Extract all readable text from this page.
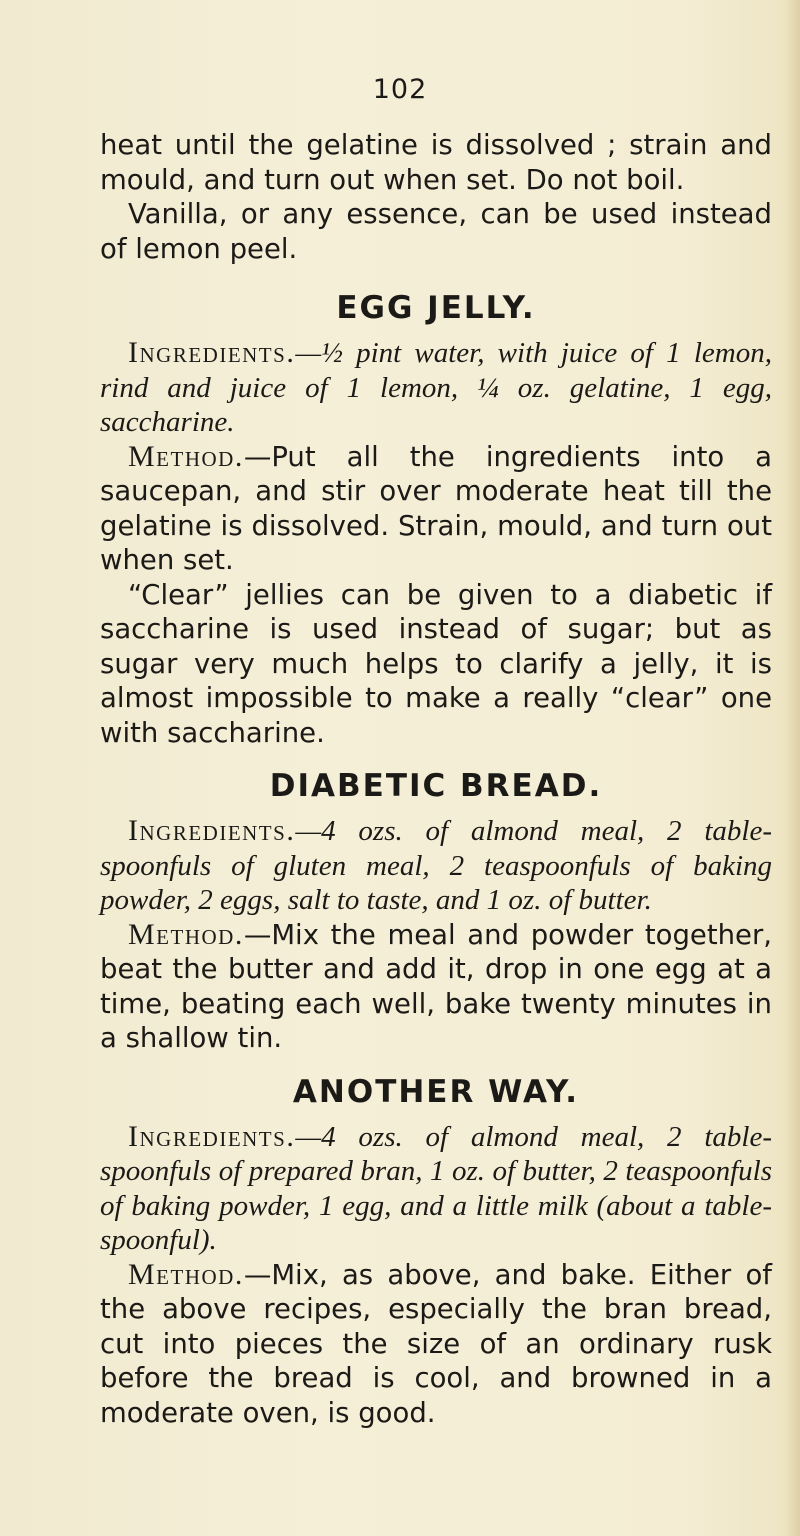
102

heat until the gelatine is dissolved ; strain and mould, and turn out when set. Do not boil.

Vanilla, or any essence, can be used instead of lemon peel.

EGG JELLY.

Ingredients.—½ pint water, with juice of 1 lemon, rind and juice of 1 lemon, ¼ oz. gelatine, 1 egg, saccharine.

Method.—Put all the ingredients into a saucepan, and stir over moderate heat till the gelatine is dissolved. Strain, mould, and turn out when set.

“Clear” jellies can be given to a diabetic if saccharine is used instead of sugar; but as sugar very much helps to clarify a jelly, it is almost impossible to make a really “clear” one with saccharine.

DIABETIC BREAD.

Ingredients.—4 ozs. of almond meal, 2 table-spoonfuls of gluten meal, 2 teaspoonfuls of baking powder, 2 eggs, salt to taste, and 1 oz. of butter.

Method.—Mix the meal and powder together, beat the butter and add it, drop in one egg at a time, beating each well, bake twenty minutes in a shallow tin.

ANOTHER WAY.

Ingredients.—4 ozs. of almond meal, 2 table-spoonfuls of prepared bran, 1 oz. of butter, 2 teaspoonfuls of baking powder, 1 egg, and a little milk (about a table-spoonful).

Method.—Mix, as above, and bake. Either of the above recipes, especially the bran bread, cut into pieces the size of an ordinary rusk before the bread is cool, and browned in a moderate oven, is good.
